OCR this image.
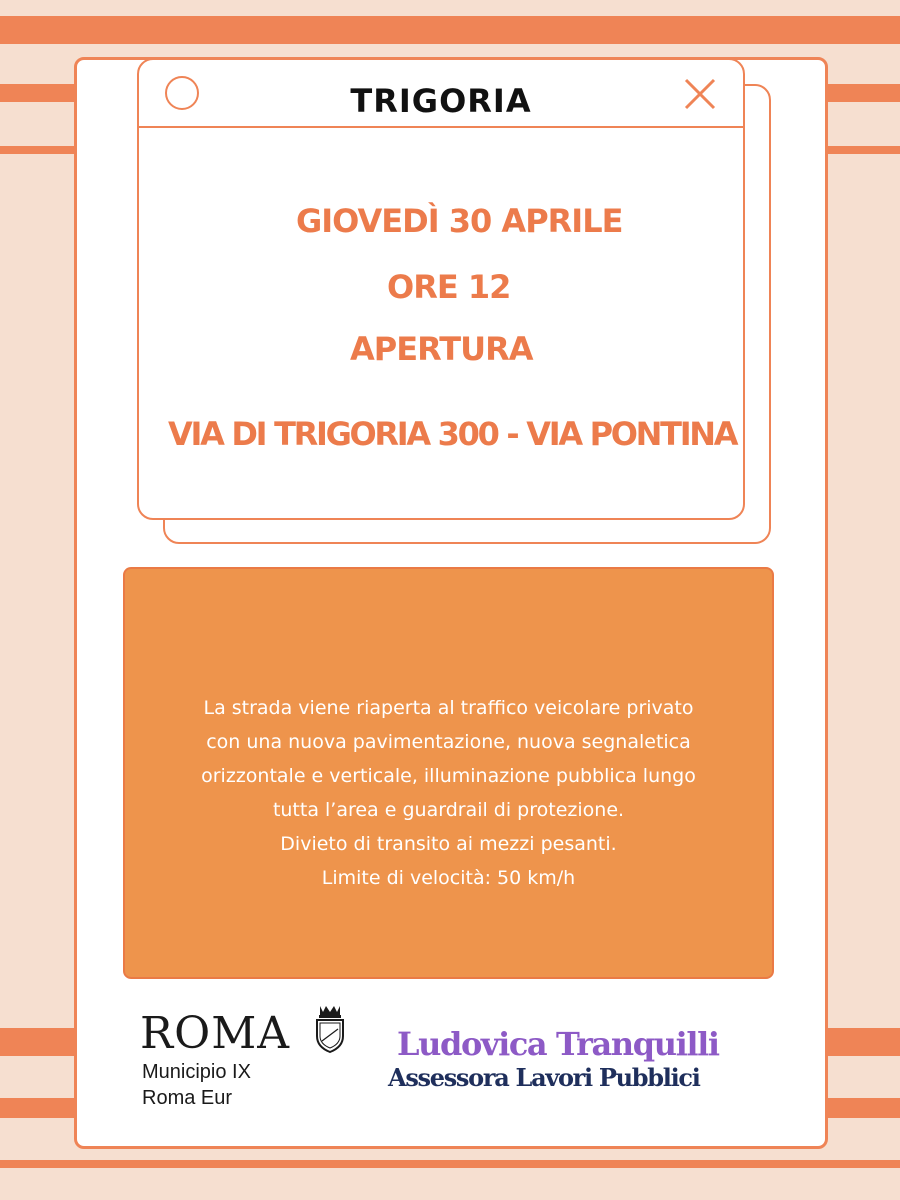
TRIGORIA
GIOVEDÌ 30 APRILE
ORE 12
APERTURA
VIA DI TRIGORIA 300 - VIA PONTINA
La strada viene riaperta al traffico veicolare privato
con una nuova pavimentazione, nuova segnaletica
orizzontale e verticale, illuminazione pubblica lungo
tutta l’area e guardrail di protezione.
Divieto di transito ai mezzi pesanti.
Limite di velocità: 50 km/h
ROMA
Municipio IX
Roma Eur
Ludovica Tranquilli
Assessora Lavori Pubblici
